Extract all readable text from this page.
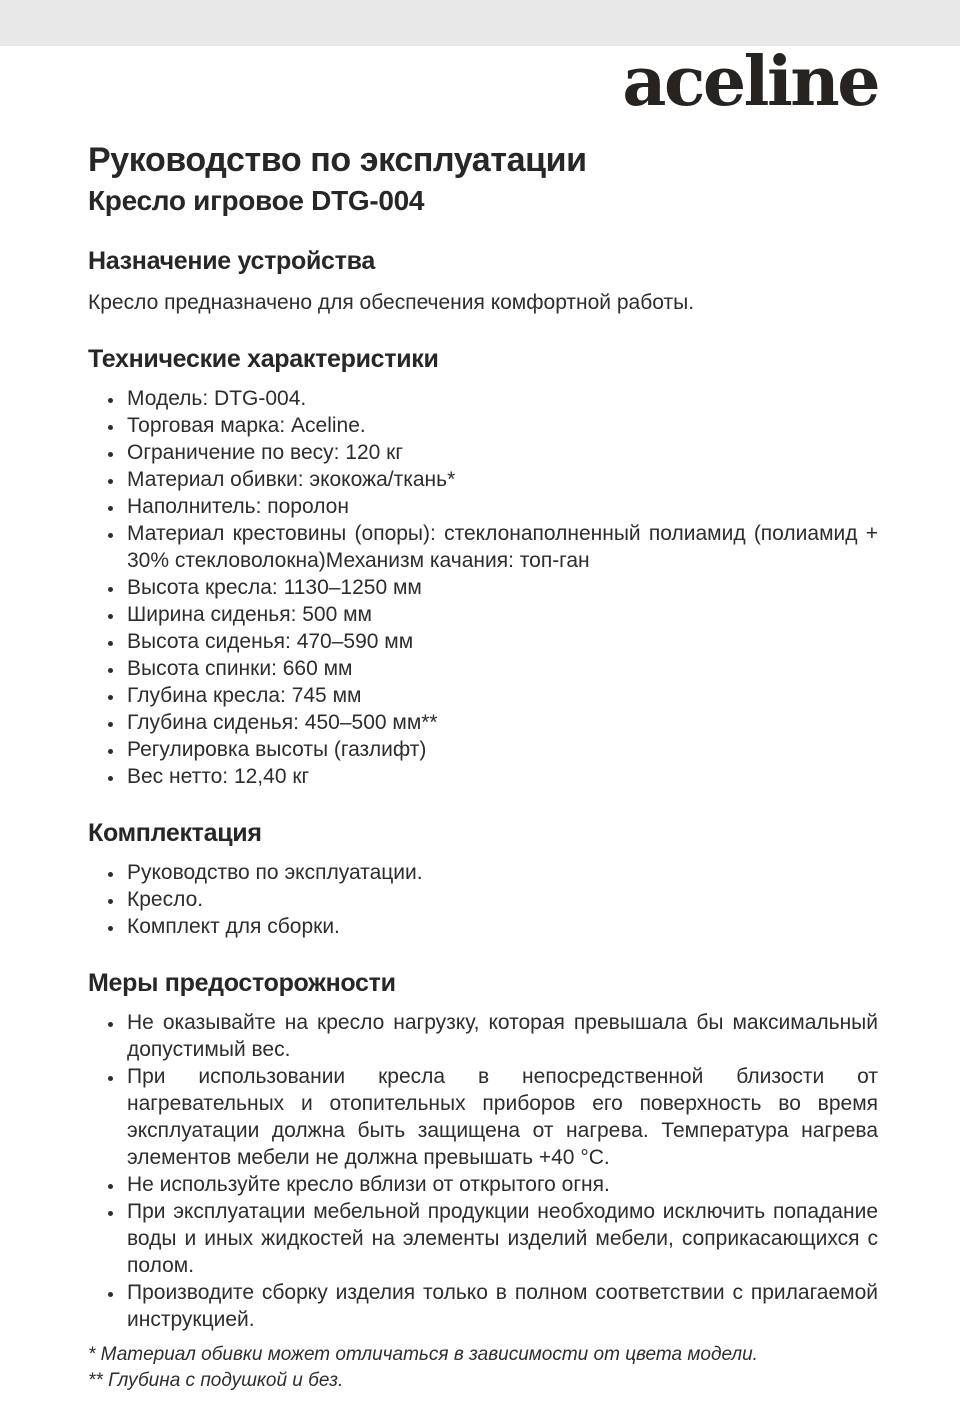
aceline
Руководство по эксплуатации
Кресло игровое DTG-004
Назначение устройства

Кресло предназначено для обеспечения комфортной работы.

Технические характеристики
• Модель: DTG-004.
• Торговая марка: Aceline.
• Ограничение по весу: 120 кг
• Материал обивки: экокожа/ткань*
• Наполнитель: поролон
• Материал крестовины (опоры): стеклонаполненный полиамид (полиамид + 30% стекловолокна)Механизм качания: топ-ган
• Высота кресла: 1130–1250 мм
• Ширина сиденья: 500 мм
• Высота сиденья: 470–590 мм
• Высота спинки: 660 мм
• Глубина кресла: 745 мм
• Глубина сиденья: 450–500 мм**
• Регулировка высоты (газлифт)
• Вес нетто: 12,40 кг
Комплектация
• Руководство по эксплуатации.
• Кресло.
• Комплект для сборки.
Меры предосторожности
• Не оказывайте на кресло нагрузку, которая превышала бы максимальный допустимый вес.
• При использовании кресла в непосредственной близости от нагревательных и отопительных приборов его поверхность во время эксплуатации должна быть защищена от нагрева. Температура нагрева элементов мебели не должна превышать +40 °С.
• Не используйте кресло вблизи от открытого огня.
• При эксплуатации мебельной продукции необходимо исключить попадание воды и иных жидкостей на элементы изделий мебели, соприкасающихся с полом.
• Производите сборку изделия только в полном соответствии с прилагаемой инструкцией.
* Материал обивки может отличаться в зависимости от цвета модели.
** Глубина с подушкой и без.
